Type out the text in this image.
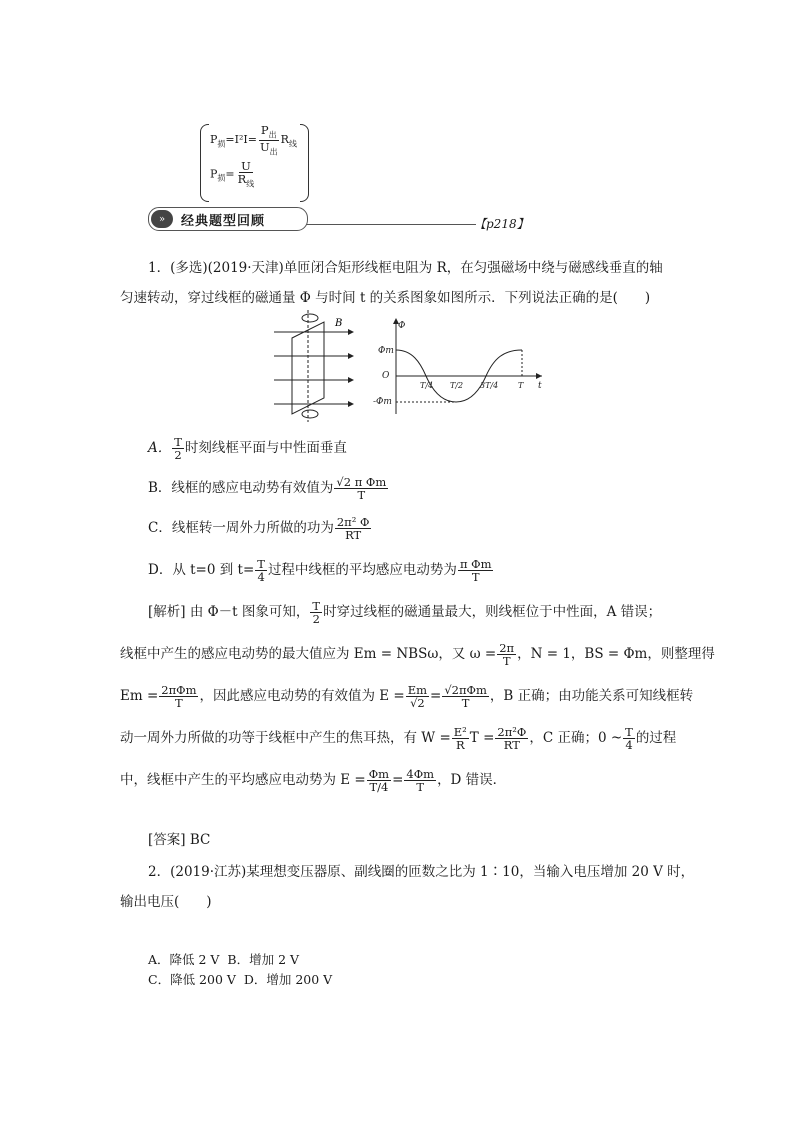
$P_损=I^2I= \frac{P_出}{U_出} R_线$
$P_损= \frac{U}{R_线}$
»	经典题型回顾	【p218】
1．(多选)(2019·天津)单匝闭合矩形线框电阻为 R，在匀强磁场中绕与磁感线垂直的轴
匀速转动，穿过线框的磁通量 Φ 与时间 t 的关系图象如图所示．下列说法正确的是(　　)
B	Φ
Φm
O
-Φm
T/4 T/2 3T/4 T t
A． $\frac{T}{2}$ 时刻线框平面与中性面垂直
B．线框的感应电动势有效值为 $\frac{\text{√2 π Φm}}{T}$
C．线框转一周外力所做的功为 $\frac{\text{2π² Φ}}{RT}$
D．从 t=0 到 $t= \frac{T}{4}$ 过程中线框的平均感应电动势为 $\frac{\text{π Φm}}{T}$
[解析] 由 Φ－t 图象可知， $\frac{T}{2}$ 时穿过线框的磁通量最大，则线框位于中性面，A 错误；
线框中产生的感应电动势的最大值应为 Em = NBSω，又 $\omega = \frac{2\pi}{T}$ ，N = 1，BS = Φm，则整理得
$Em = \frac{\text{2πΦm}}{T}$ ，因此感应电动势的有效值为 $E = \frac{Em}{√2} = \frac{\text{√2πΦm}}{T}$ ，B 正确；由功能关系可知线框转
动一周外力所做的功等于线框中产生的焦耳热，有 $W = \frac{\text{E²}}{R}$ $T = \frac{\text{2π²Φ}}{RT}$ ，C 正确；0 ~ $\frac{T}{4}$ 的过程
中，线框中产生的平均感应电动势为 $E = \frac{\Phi m}{T/4} = \frac{4\Phi m}{T}$ ，D 错误．
[答案] BC
2．(2019·江苏)某理想变压器原、副线圈的匝数之比为 1∶10，当输入电压增加 20 V 时，
输出电压(　　)
A．降低 2 V B．增加 2 V
C．降低 200 V D．增加 200 V
